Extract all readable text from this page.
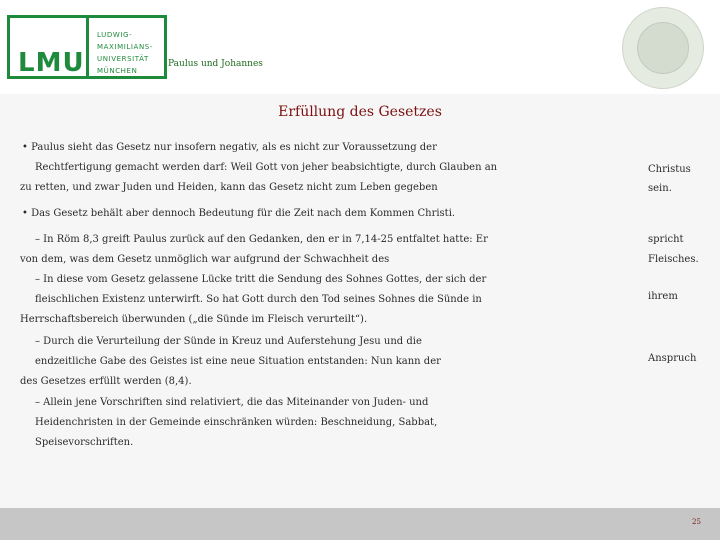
LMU
LUDWIG-
MAXIMILIANS-
UNIVERSITÄT
MÜNCHEN
Paulus und Johannes
Erfüllung des Gesetzes
• Paulus sieht das Gesetz nur insofern negativ, als es nicht zur Voraussetzung der
Rechtfertigung gemacht werden darf: Weil Gott von jeher beabsichtigte, durch Glauben an
zu retten, und zwar Juden und Heiden, kann das Gesetz nicht zum Leben gegeben
• Das Gesetz behält aber dennoch Bedeutung für die Zeit nach dem Kommen Christi.
– In Röm 8,3 greift Paulus zurück auf den Gedanken, den er in 7,14-25 entfaltet hatte: Er
von dem, was dem Gesetz unmöglich war aufgrund der Schwachheit des
– In diese vom Gesetz gelassene Lücke tritt die Sendung des Sohnes Gottes, der sich der
fleischlichen Existenz unterwirft. So hat Gott durch den Tod seines Sohnes die Sünde in
Herrschaftsbereich überwunden („die Sünde im Fleisch verurteilt“).
– Durch die Verurteilung der Sünde in Kreuz und Auferstehung Jesu und die
endzeitliche Gabe des Geistes ist eine neue Situation entstanden: Nun kann der
des Gesetzes erfüllt werden (8,4).
– Allein jene Vorschriften sind relativiert, die das Miteinander von Juden- und
Heidenchristen in der Gemeinde einschränken würden: Beschneidung, Sabbat,
Speisevorschriften.
Christus
sein.
spricht
Fleisches.
ihrem
Anspruch
25
